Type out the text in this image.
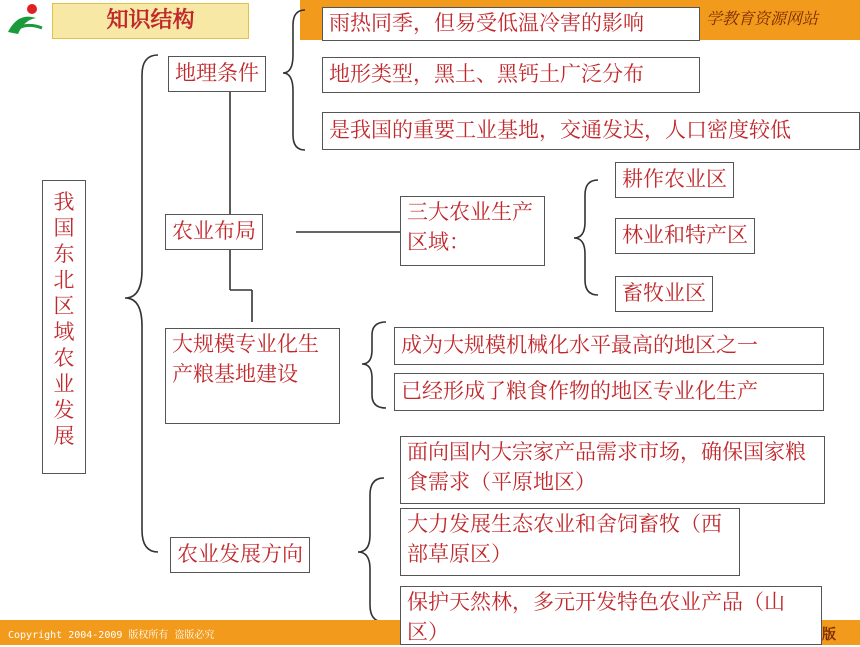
知识结构	学教育资源网站
我
国
东
北
区
域
农
业
发
展
地理条件
农业布局
大规模专业化生产粮基地建设
农业发展方向
雨热同季，但易受低温冷害的影响
地形类型，黑土、黑钙土广泛分布
是我国的重要工业基地，交通发达，人口密度较低
三大农业生产区域：
耕作农业区
林业和特产区
畜牧业区
成为大规模机械化水平最高的地区之一
已经形成了粮食作物的地区专业化生产
面向国内大宗家产品需求市场，确保国家粮食需求（平原地区）
大力发展生态农业和舍饲畜牧（西部草原区）
Copyright 2004-2009 版权所有 盗版必究	版
保护天然林，多元开发特色农业产品（山区）
